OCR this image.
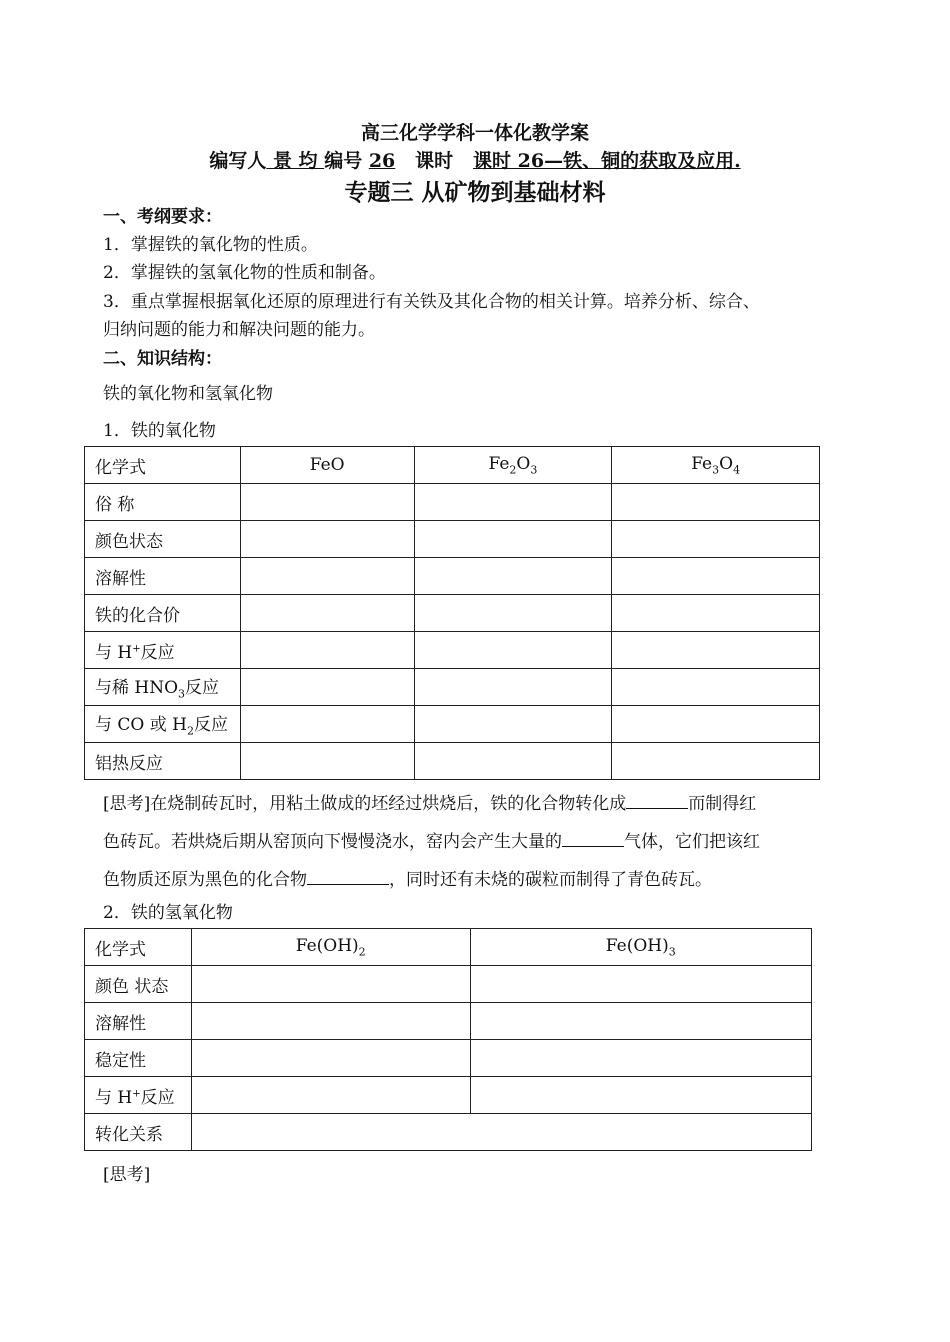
高三化学学科一体化教学案
编写人 景 均 编号 26 课时 课时 26—铁、铜的获取及应用.
专题三 从矿物到基础材料
一、考纲要求：
1．掌握铁的氧化物的性质。
2．掌握铁的氢氧化物的性质和制备。
3．重点掌握根据氧化还原的原理进行有关铁及其化合物的相关计算。培养分析、综合、
归纳问题的能力和解决问题的能力。
二、知识结构：
铁的氧化物和氢氧化物
1．铁的氧化物
化学式	FeO	$Fe_2O_3$	$Fe_3O_4$
俗 称			
颜色状态			
溶解性			
铁的化合价			
与 H+反应			
与稀 $HNO_3$反应			
与 CO 或 $H_2$反应			
铝热反应			
[思考]在烧制砖瓦时，用粘土做成的坯经过烘烧后，铁的化合物转化成	而制得红
色砖瓦。若烘烧后期从窑顶向下慢慢浇水，窑内会产生大量的	气体，它们把该红
色物质还原为黑色的化合物	，同时还有未烧的碳粒而制得了青色砖瓦。
2．铁的氢氧化物
化学式	$Fe(OH)_2$	$Fe(OH)_3$
颜色 状态		
溶解性		
稳定性		
与 H+反应		
转化关系		
[思考]
